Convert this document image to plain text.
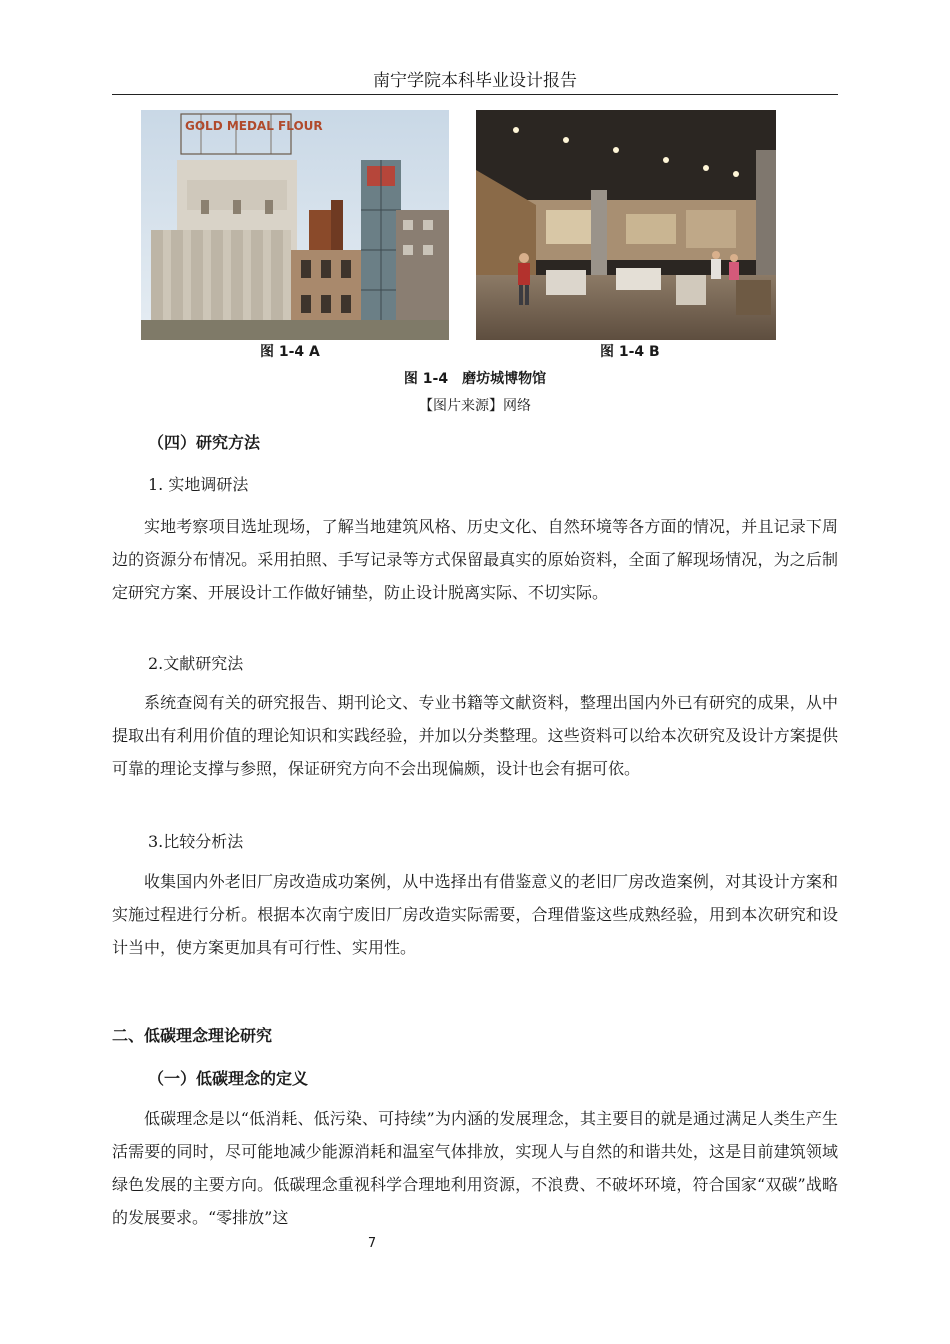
南宁学院本科毕业设计报告
GOLD MEDAL FLOUR
图 1-4 A	图 1-4 B
图 1-4　磨坊城博物馆
【图片来源】网络
（四）研究方法
1. 实地调研法

实地考察项目选址现场，了解当地建筑风格、历史文化、自然环境等各方面的情况，并且记录下周边的资源分布情况。采用拍照、手写记录等方式保留最真实的原始资料，全面了解现场情况，为之后制定研究方案、开展设计工作做好铺垫，防止设计脱离实际、不切实际。

2.文献研究法

系统查阅有关的研究报告、期刊论文、专业书籍等文献资料，整理出国内外已有研究的成果，从中提取出有利用价值的理论知识和实践经验，并加以分类整理。这些资料可以给本次研究及设计方案提供可靠的理论支撑与参照，保证研究方向不会出现偏颇，设计也会有据可依。

3.比较分析法

收集国内外老旧厂房改造成功案例，从中选择出有借鉴意义的老旧厂房改造案例，对其设计方案和实施过程进行分析。根据本次南宁废旧厂房改造实际需要，合理借鉴这些成熟经验，用到本次研究和设计当中，使方案更加具有可行性、实用性。

二、低碳理念理论研究
（一）低碳理念的定义

低碳理念是以“低消耗、低污染、可持续”为内涵的发展理念，其主要目的就是通过满足人类生产生活需要的同时，尽可能地减少能源消耗和温室气体排放，实现人与自然的和谐共处，这是目前建筑领域绿色发展的主要方向。低碳理念重视科学合理地利用资源，不浪费、不破坏环境，符合国家“双碳”战略的发展要求。“零排放”这

7
